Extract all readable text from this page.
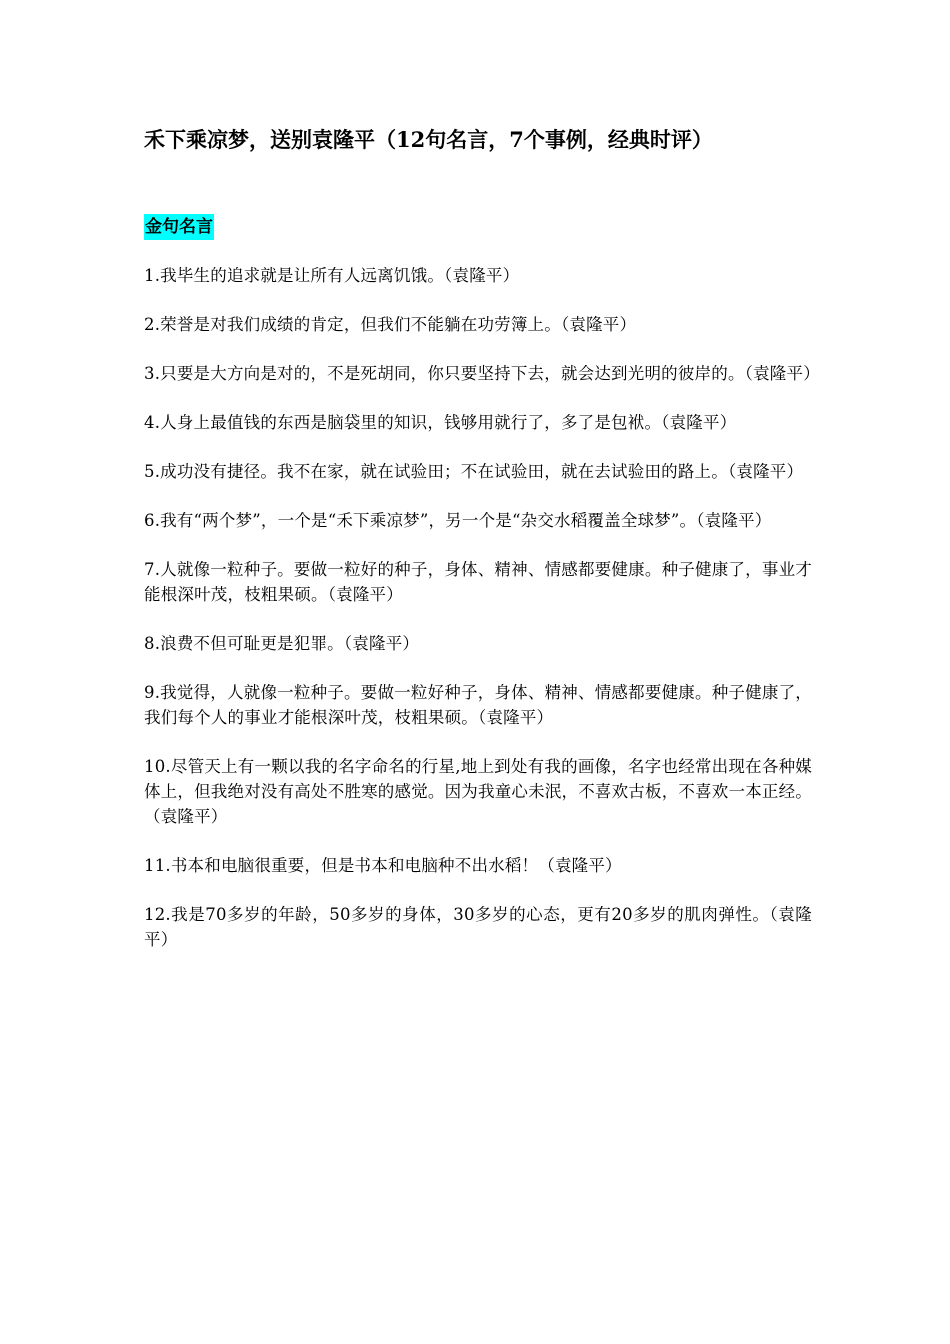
禾下乘凉梦，送别袁隆平（12句名言，7个事例，经典时评）
金句名言
1.我毕生的追求就是让所有人远离饥饿。（袁隆平）
2.荣誉是对我们成绩的肯定，但我们不能躺在功劳簿上。（袁隆平）
3.只要是大方向是对的，不是死胡同，你只要坚持下去，就会达到光明的彼岸的。（袁隆平）
4.人身上最值钱的东西是脑袋里的知识，钱够用就行了，多了是包袱。（袁隆平）
5.成功没有捷径。我不在家，就在试验田；不在试验田，就在去试验田的路上。（袁隆平）
6.我有“两个梦”，一个是“禾下乘凉梦”，另一个是“杂交水稻覆盖全球梦”。（袁隆平）
7.人就像一粒种子。要做一粒好的种子，身体、精神、情感都要健康。种子健康了，事业才能根深叶茂，枝粗果硕。（袁隆平）
8.浪费不但可耻更是犯罪。（袁隆平）
9.我觉得，人就像一粒种子。要做一粒好种子，身体、精神、情感都要健康。种子健康了，我们每个人的事业才能根深叶茂，枝粗果硕。（袁隆平）
10.尽管天上有一颗以我的名字命名的行星,地上到处有我的画像，名字也经常出现在各种媒体上，但我绝对没有高处不胜寒的感觉。因为我童心未泯，不喜欢古板，不喜欢一本正经。（袁隆平）
11.书本和电脑很重要，但是书本和电脑种不出水稻！（袁隆平）
12.我是70多岁的年龄，50多岁的身体，30多岁的心态，更有20多岁的肌肉弹性。（袁隆平）
